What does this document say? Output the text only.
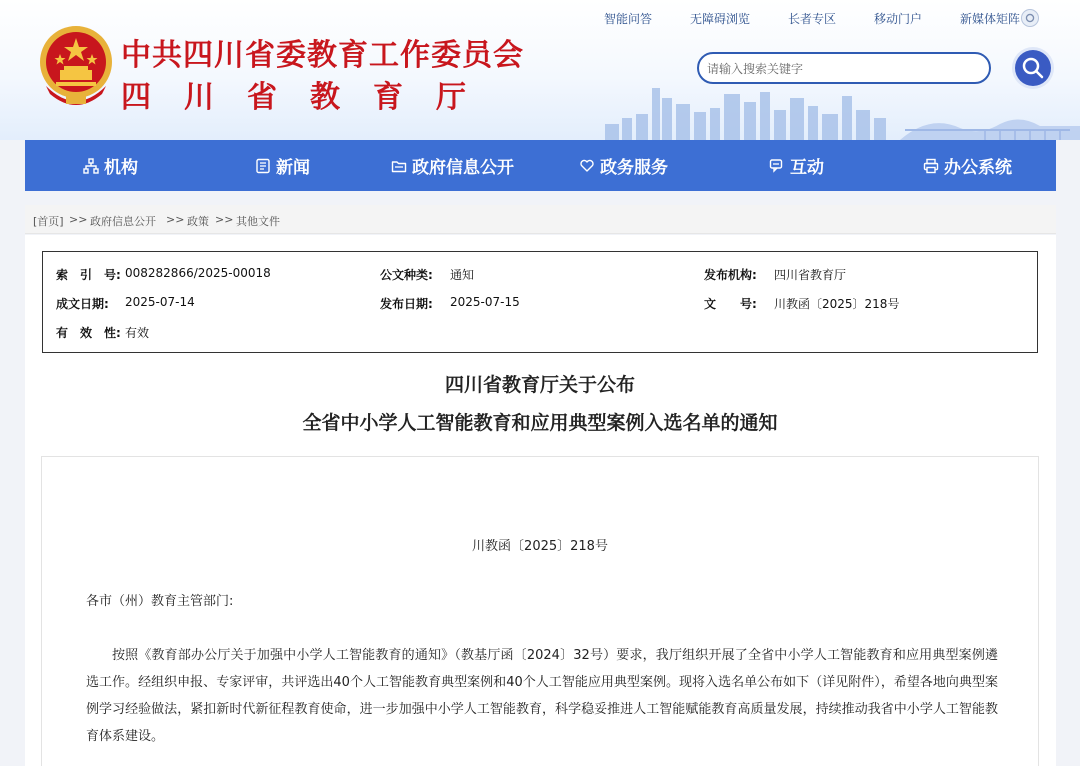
中共四川省委教育工作委员会
四川省教育厅
智能问答	无障碍浏览	长者专区	移动门户	新媒体矩阵
请输入搜索关键字
机构	新闻	政府信息公开	政务服务	互动	办公系统
[首页] >> 政府信息公开 >> 政策 >> 其他文件
索　引　号: 008282866/2025-00018	公文种类: 通知	发布机构: 四川省教育厅
成文日期: 2025-07-14	发布日期: 2025-07-15	文　　号: 川教函〔2025〕218号
有　效　性: 有效
四川省教育厅关于公布
全省中小学人工智能教育和应用典型案例入选名单的通知
川教函〔2025〕218号
各市（州）教育主管部门:

按照《教育部办公厅关于加强中小学人工智能教育的通知》（教基厅函〔2024〕32号）要求，我厅组织开展了全省中小学人工智能教育和应用典型案例遴选工作。经组织申报、专家评审，共评选出40个人工智能教育典型案例和40个人工智能应用典型案例。现将入选名单公布如下（详见附件），希望各地向典型案例学习经验做法，紧扣新时代新征程教育使命，进一步加强中小学人工智能教育，科学稳妥推进人工智能赋能教育高质量发展，持续推动我省中小学人工智能教育体系建设。
